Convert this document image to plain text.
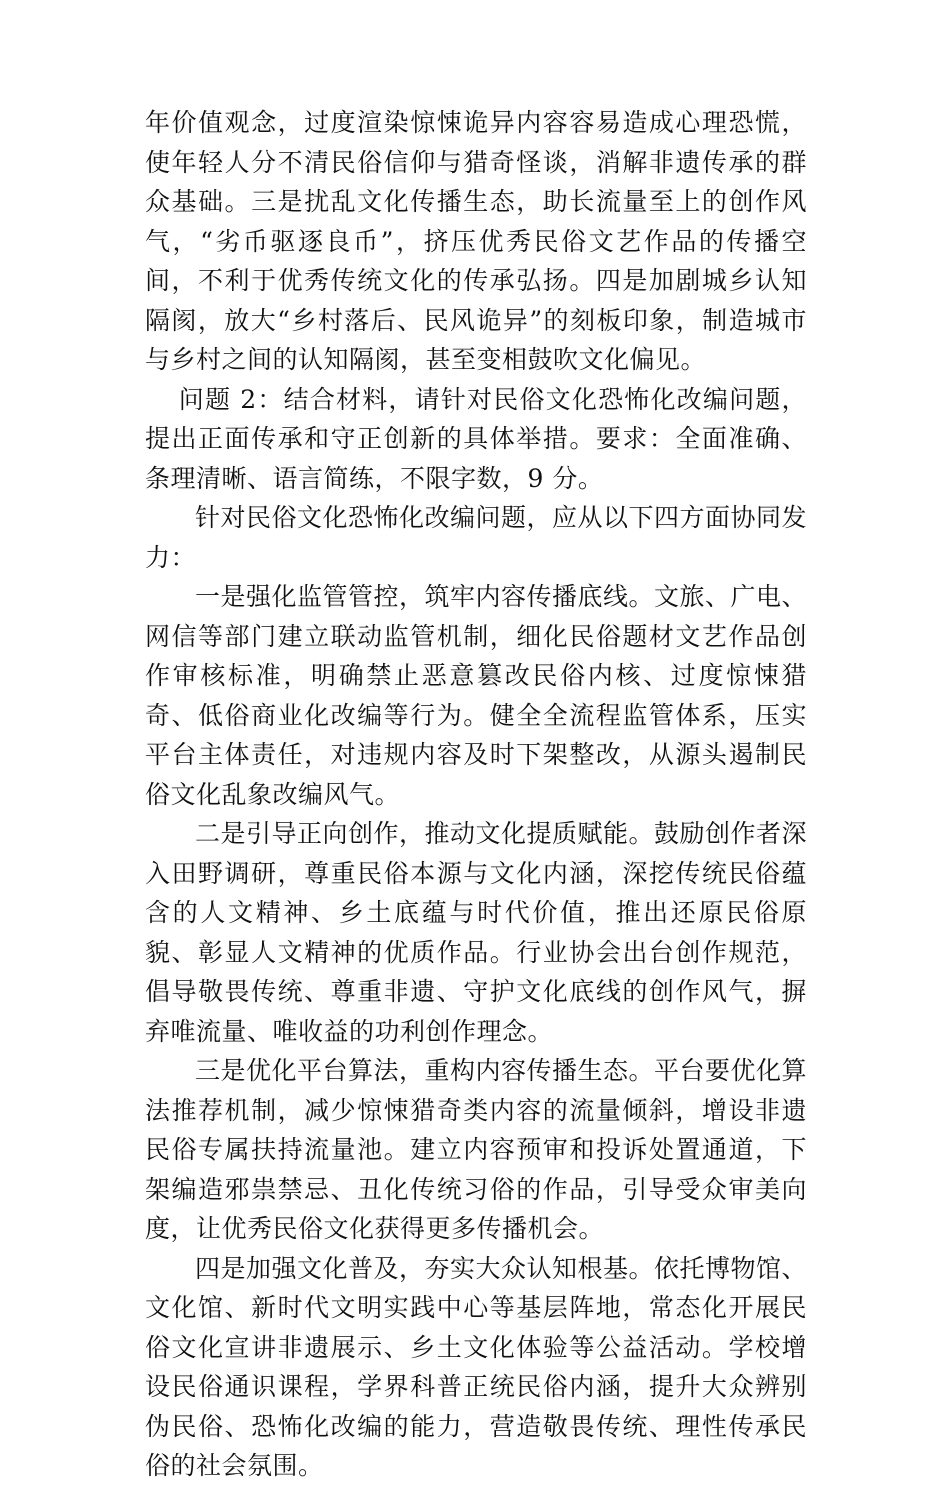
年价值观念，过度渲染惊悚诡异内容容易造成心理恐慌，使年轻人分不清民俗信仰与猎奇怪谈，消解非遗传承的群众基础。三是扰乱文化传播生态，助长流量至上的创作风气，“劣币驱逐良币”，挤压优秀民俗文艺作品的传播空间，不利于优秀传统文化的传承弘扬。四是加剧城乡认知隔阂，放大“乡村落后、民风诡异”的刻板印象，制造城市与乡村之间的认知隔阂，甚至变相鼓吹文化偏见。

问题 2：结合材料，请针对民俗文化恐怖化改编问题，提出正面传承和守正创新的具体举措。要求：全面准确、条理清晰、语言简练，不限字数，9 分。

针对民俗文化恐怖化改编问题，应从以下四方面协同发力：

一是强化监管管控，筑牢内容传播底线。文旅、广电、网信等部门建立联动监管机制，细化民俗题材文艺作品创作审核标准，明确禁止恶意篡改民俗内核、过度惊悚猎奇、低俗商业化改编等行为。健全全流程监管体系，压实平台主体责任，对违规内容及时下架整改，从源头遏制民俗文化乱象改编风气。

二是引导正向创作，推动文化提质赋能。鼓励创作者深入田野调研，尊重民俗本源与文化内涵，深挖传统民俗蕴含的人文精神、乡土底蕴与时代价值，推出还原民俗原貌、彰显人文精神的优质作品。行业协会出台创作规范，倡导敬畏传统、尊重非遗、守护文化底线的创作风气，摒弃唯流量、唯收益的功利创作理念。

三是优化平台算法，重构内容传播生态。平台要优化算法推荐机制，减少惊悚猎奇类内容的流量倾斜，增设非遗民俗专属扶持流量池。建立内容预审和投诉处置通道，下架编造邪祟禁忌、丑化传统习俗的作品，引导受众审美向度，让优秀民俗文化获得更多传播机会。

四是加强文化普及，夯实大众认知根基。依托博物馆、文化馆、新时代文明实践中心等基层阵地，常态化开展民俗文化宣讲非遗展示、乡土文化体验等公益活动。学校增设民俗通识课程，学界科普正统民俗内涵，提升大众辨别伪民俗、恐怖化改编的能力，营造敬畏传统、理性传承民俗的社会氛围。
